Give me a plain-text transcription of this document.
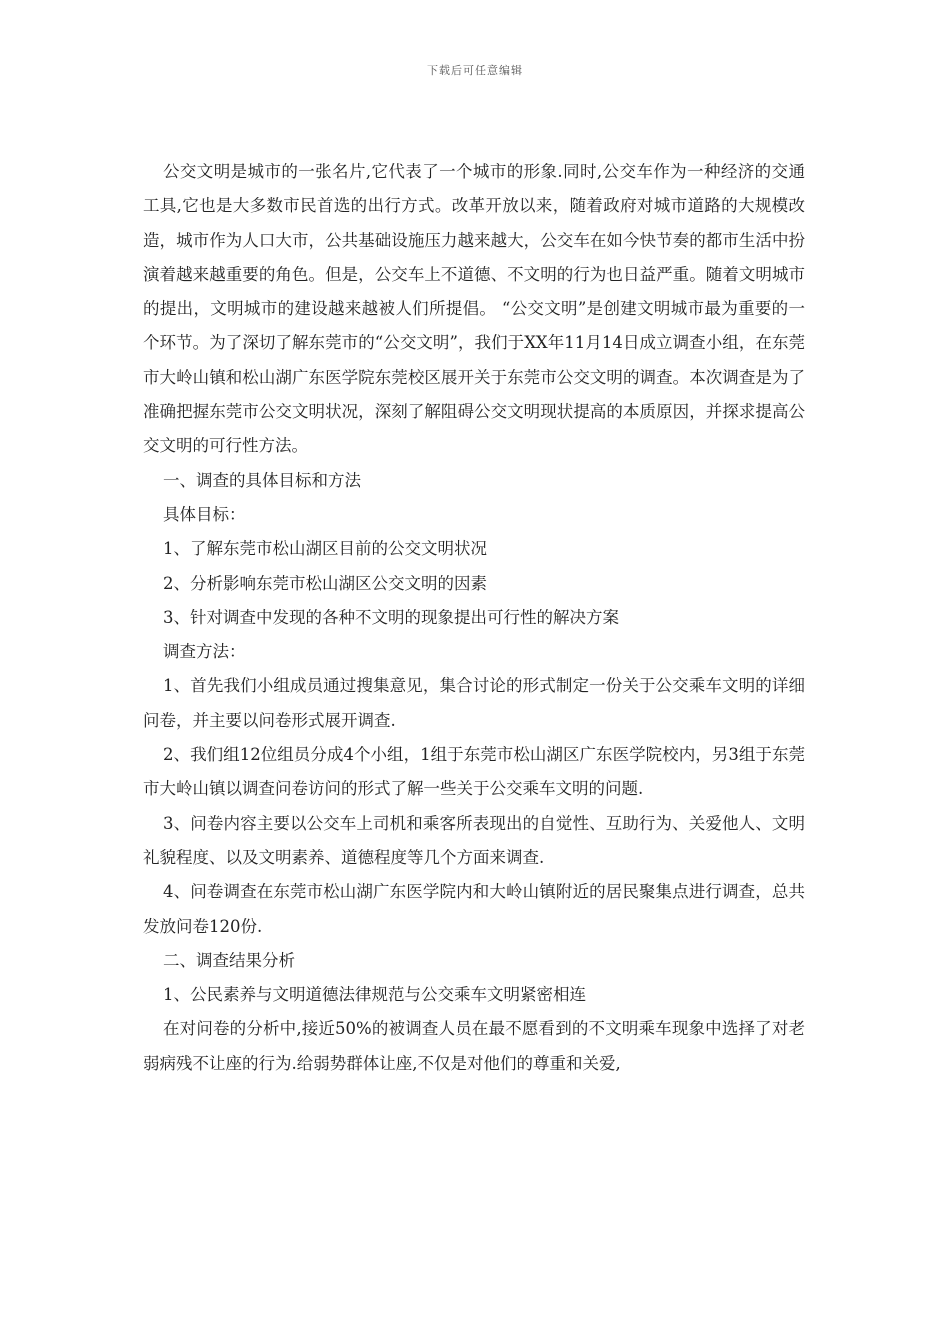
下载后可任意编辑

公交文明是城市的一张名片,它代表了一个城市的形象.同时,公交车作为一种经济的交通工具,它也是大多数市民首选的出行方式。改革开放以来，随着政府对城市道路的大规模改造，城市作为人口大市，公共基础设施压力越来越大，公交车在如今快节奏的都市生活中扮演着越来越重要的角色。但是，公交车上不道德、不文明的行为也日益严重。随着文明城市的提出，文明城市的建设越来越被人们所提倡。 “公交文明”是创建文明城市最为重要的一个环节。为了深切了解东莞市的“公交文明”，我们于XX年11月14日成立调查小组，在东莞市大岭山镇和松山湖广东医学院东莞校区展开关于东莞市公交文明的调查。本次调查是为了准确把握东莞市公交文明状况，深刻了解阻碍公交文明现状提高的本质原因，并探求提高公交文明的可行性方法。

一、调查的具体目标和方法

具体目标：

1、了解东莞市松山湖区目前的公交文明状况

2、分析影响东莞市松山湖区公交文明的因素

3、针对调查中发现的各种不文明的现象提出可行性的解决方案

调查方法：

1、首先我们小组成员通过搜集意见，集合讨论的形式制定一份关于公交乘车文明的详细问卷，并主要以问卷形式展开调查.

2、我们组12位组员分成4个小组，1组于东莞市松山湖区广东医学院校内，另3组于东莞市大岭山镇以调查问卷访问的形式了解一些关于公交乘车文明的问题.

3、问卷内容主要以公交车上司机和乘客所表现出的自觉性、互助行为、关爱他人、文明礼貌程度、以及文明素养、道德程度等几个方面来调查.

4、问卷调查在东莞市松山湖广东医学院内和大岭山镇附近的居民聚集点进行调查，总共发放问卷120份.

二、调查结果分析

1、公民素养与文明道德法律规范与公交乘车文明紧密相连

在对问卷的分析中,接近50%的被调查人员在最不愿看到的不文明乘车现象中选择了对老弱病残不让座的行为.给弱势群体让座,不仅是对他们的尊重和关爱,
